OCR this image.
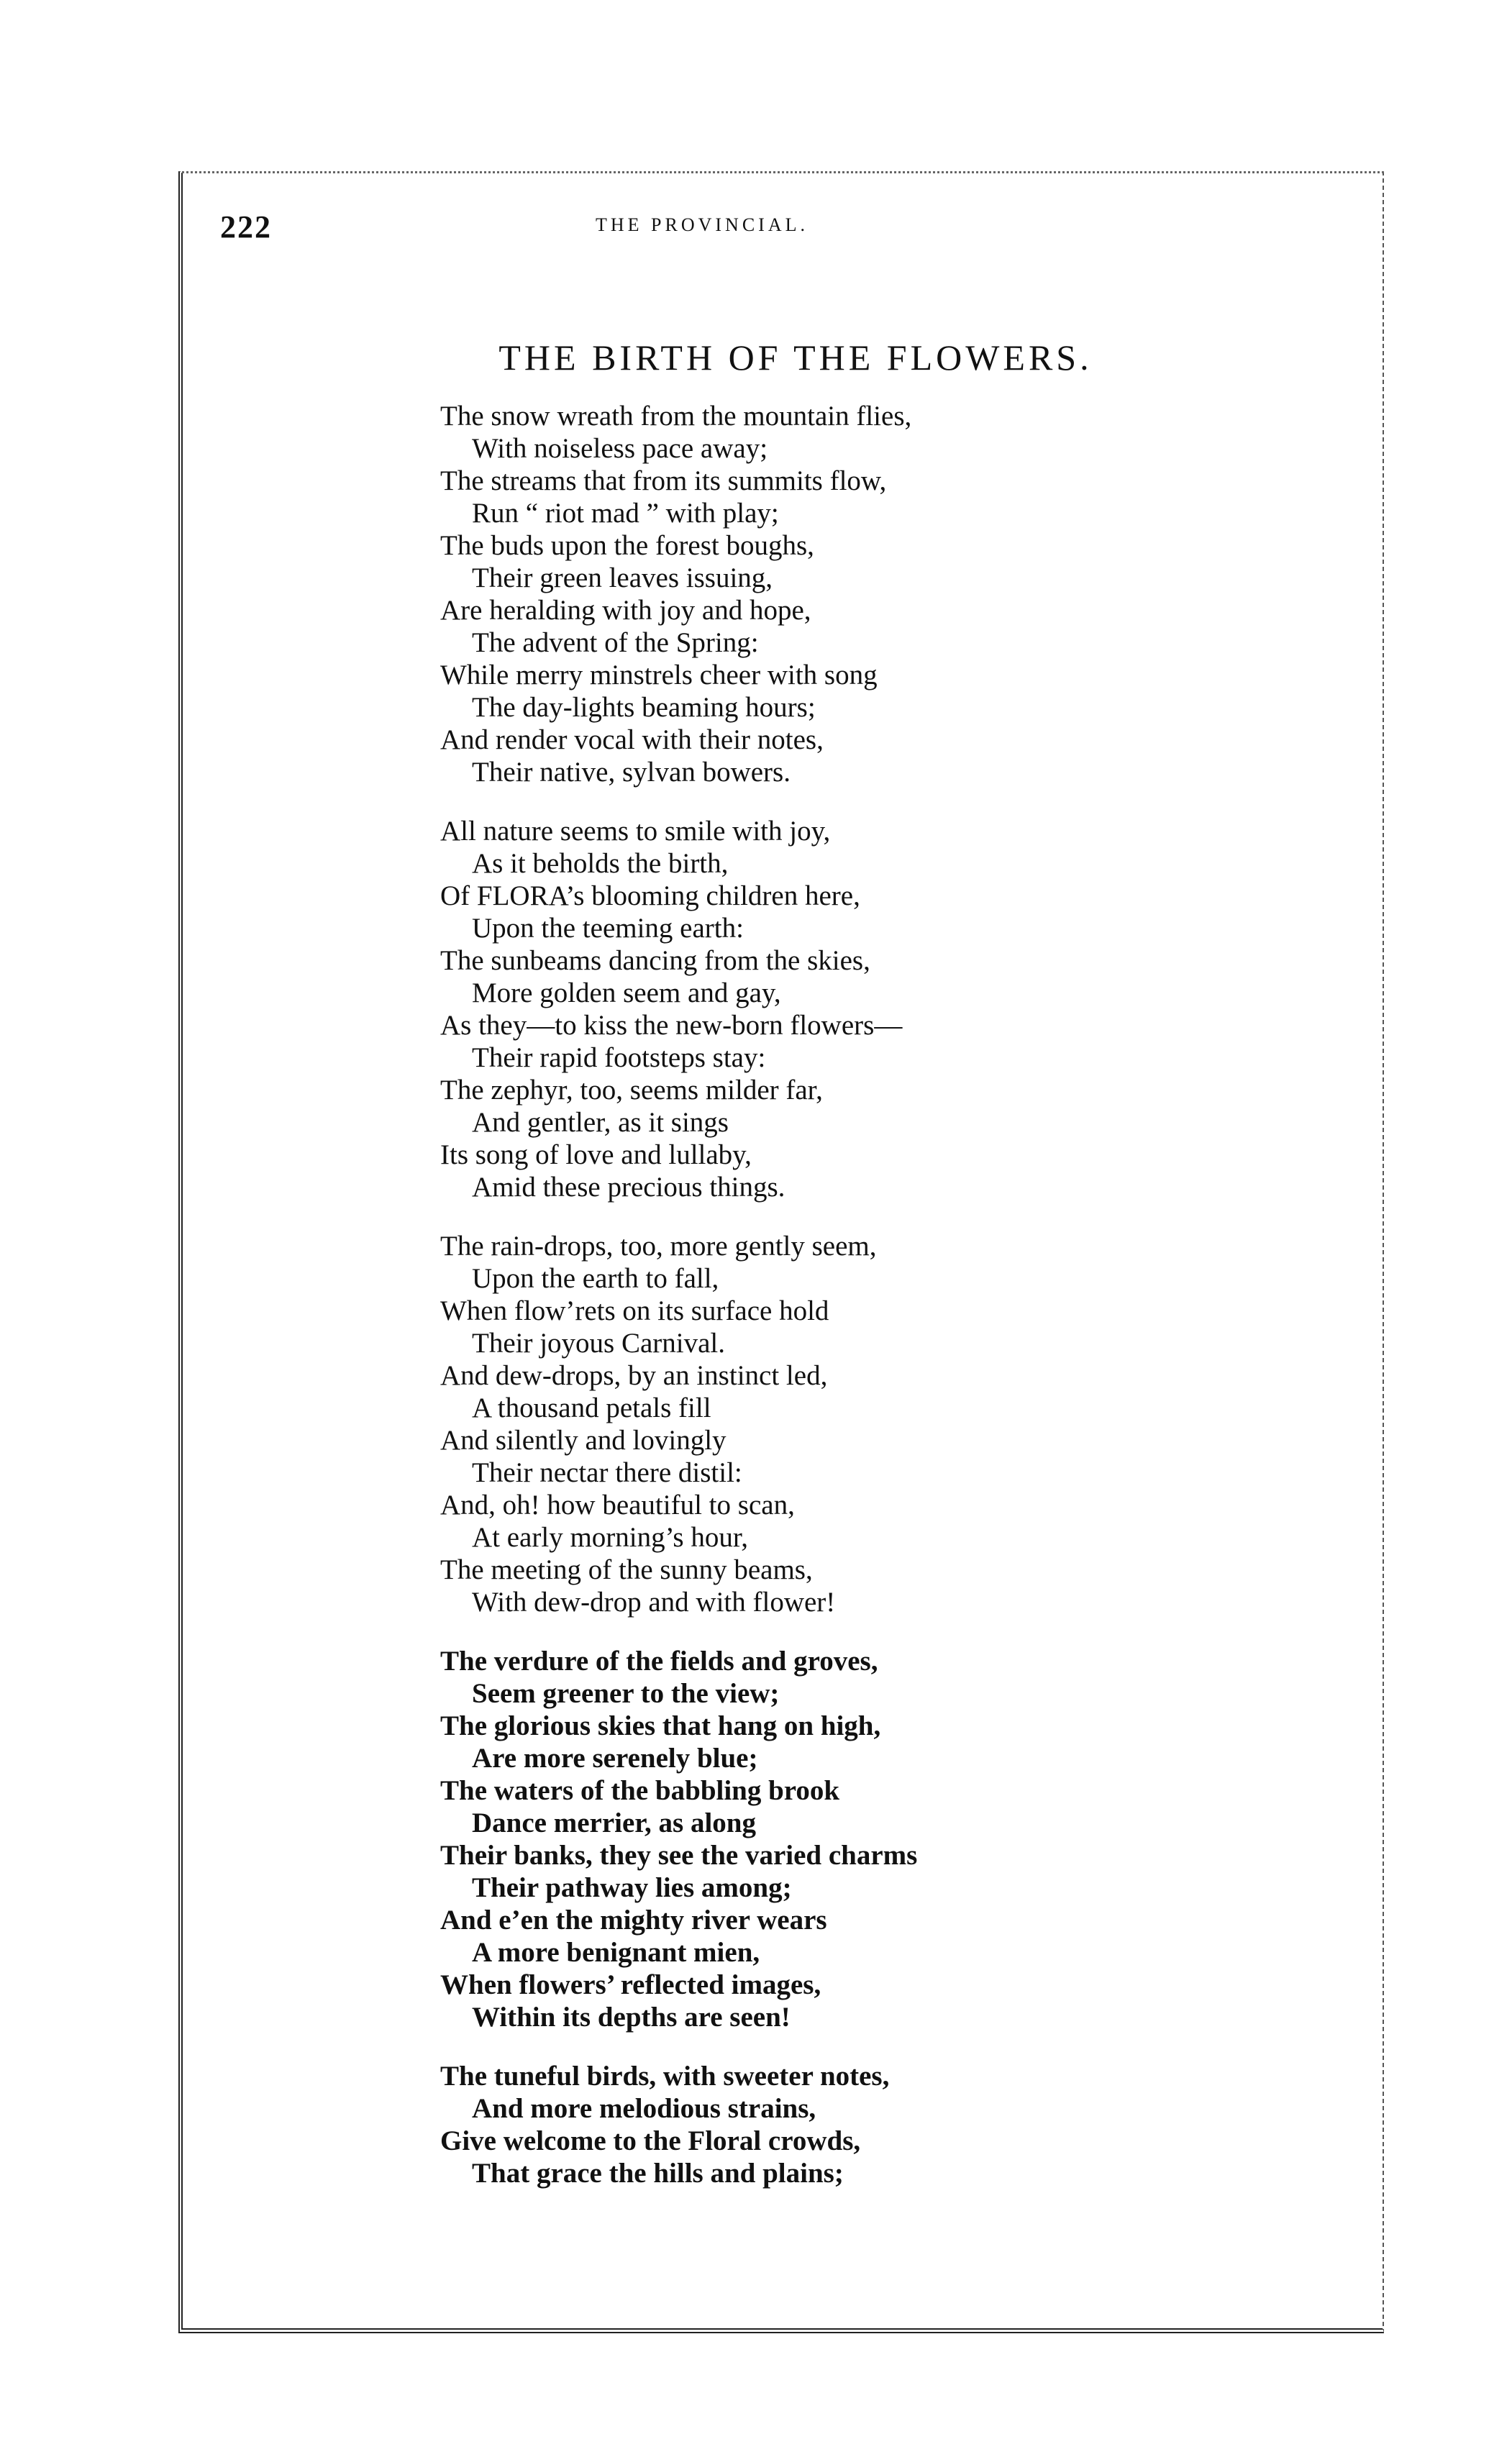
222	THE PROVINCIAL.
THE BIRTH OF THE FLOWERS.
The snow wreath from the mountain flies,
With noiseless pace away;
The streams that from its summits flow,
Run “ riot mad ” with play;
The buds upon the forest boughs,
Their green leaves issuing,
Are heralding with joy and hope,
The advent of the Spring:
While merry minstrels cheer with song
The day-lights beaming hours;
And render vocal with their notes,
Their native, sylvan bowers.
All nature seems to smile with joy,
As it beholds the birth,
Of FLORA’s blooming children here,
Upon the teeming earth:
The sunbeams dancing from the skies,
More golden seem and gay,
As they—to kiss the new-born flowers—
Their rapid footsteps stay:
The zephyr, too, seems milder far,
And gentler, as it sings
Its song of love and lullaby,
Amid these precious things.
The rain-drops, too, more gently seem,
Upon the earth to fall,
When flow’rets on its surface hold
Their joyous Carnival.
And dew-drops, by an instinct led,
A thousand petals fill
And silently and lovingly
Their nectar there distil:
And, oh! how beautiful to scan,
At early morning’s hour,
The meeting of the sunny beams,
With dew-drop and with flower!
The verdure of the fields and groves,
Seem greener to the view;
The glorious skies that hang on high,
Are more serenely blue;
The waters of the babbling brook
Dance merrier, as along
Their banks, they see the varied charms
Their pathway lies among;
And e’en the mighty river wears
A more benignant mien,
When flowers’ reflected images,
Within its depths are seen!
The tuneful birds, with sweeter notes,
And more melodious strains,
Give welcome to the Floral crowds,
That grace the hills and plains;
